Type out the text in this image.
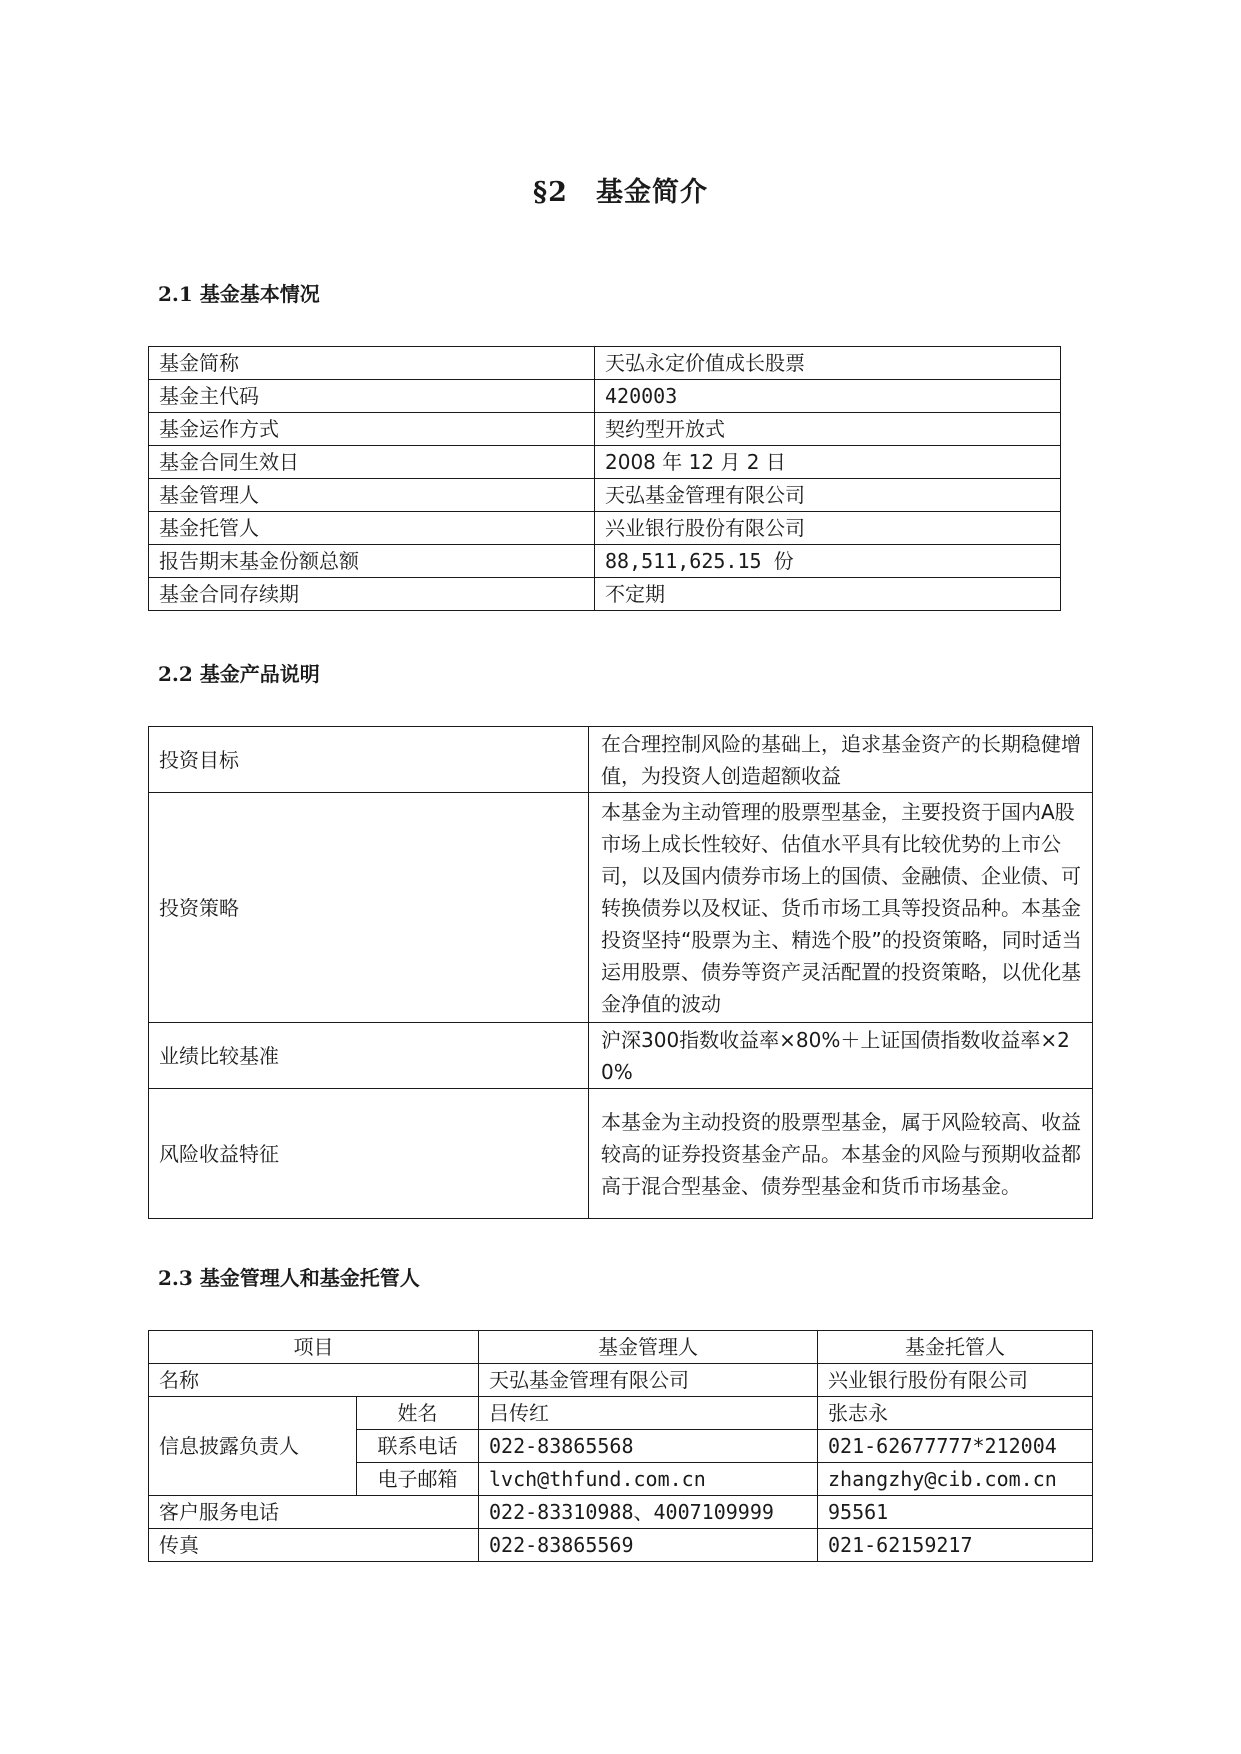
§2　基金简介
2.1 基金基本情况
基金简称	天弘永定价值成长股票
基金主代码	420003
基金运作方式	契约型开放式
基金合同生效日	2008 年 12 月 2 日
基金管理人	天弘基金管理有限公司
基金托管人	兴业银行股份有限公司
报告期末基金份额总额	88,511,625.15 份
基金合同存续期	不定期
2.2 基金产品说明
投资目标	在合理控制风险的基础上，追求基金资产的长期稳健增值，为投资人创造超额收益
投资策略	本基金为主动管理的股票型基金，主要投资于国内A股市场上成长性较好、估值水平具有比较优势的上市公司，以及国内债券市场上的国债、金融债、企业债、可转换债券以及权证、货币市场工具等投资品种。本基金投资坚持“股票为主、精选个股”的投资策略，同时适当运用股票、债券等资产灵活配置的投资策略，以优化基金净值的波动
业绩比较基准	沪深300指数收益率×80%＋上证国债指数收益率×20%
风险收益特征	本基金为主动投资的股票型基金，属于风险较高、收益较高的证券投资基金产品。本基金的风险与预期收益都高于混合型基金、债券型基金和货币市场基金。
2.3 基金管理人和基金托管人
项目		基金管理人	基金托管人
名称		天弘基金管理有限公司	兴业银行股份有限公司
信息披露负责人	姓名	吕传红	张志永
	联系电话	022-83865568	021-62677777*212004
	电子邮箱	lvch@thfund.com.cn	zhangzhy@cib.com.cn
客户服务电话		022-83310988、4007109999	95561
传真		022-83865569	021-62159217
